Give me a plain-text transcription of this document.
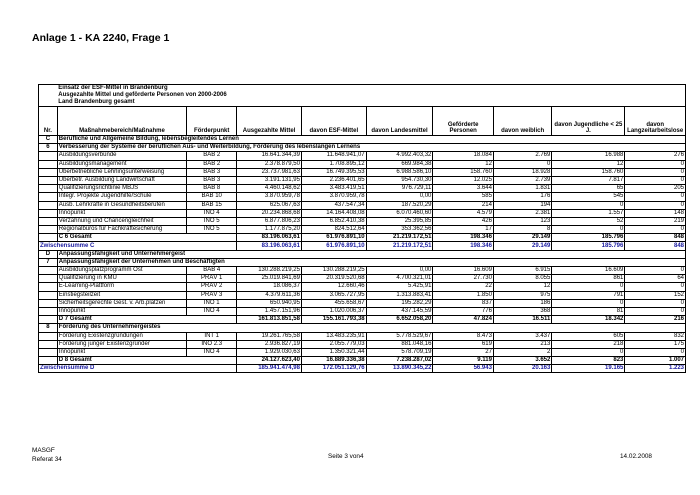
Anlage 1 - KA 2240, Frage 1

	Einsatz der ESF-Mittel in Brandenburg
Ausgezahlte Mittel und geförderte Personen von 2000-2006
Land Brandenburg gesamt								

Nr.	Maßnahmebereich/Maßnahme	Förderpunkt	Ausgezahlte Mittel	davon ESF-Mittel	davon Landesmittel	Geförderte Personen	davon weiblich	davon Jugendliche < 25 J.	davon Langzeitarbeitslose
C	Berufliche und Allgemeine Bildung, lebensbegleitendes Lernen								
6	Verbesserung der Systeme der beruflichen Aus- und Weiterbildung, Förderung des lebenslangen Lernens								
	Ausbildungsverbünde	BAB 2	16.641.344,39	11.648.941,07	4.992.403,32	18.084	2.769	16.988	276
	Ausbildungsmanagement	BAB 2	2.378.879,50	1.708.895,12	669.984,38	12	0	12	0
	Überbetriebliche Lehrlingsunterweisung	BAB 3	23.737.981,63	16.749.395,53	6.988.586,10	158.760	18.928	158.760	0
	Überbetr. Ausbildung Landwirtschaft	BAB 3	3.191.131,95	2.236.401,65	954.730,30	12.025	2.739	7.817	0
	Qualifizierungsrichtlinie MBJS	BAB 8	4.460.148,62	3.483.419,51	976.729,11	3.644	1.831	65	205
	Integr. Projekte Jugendhilfe/Schule	BAB 10	3.870.959,78	3.870.959,78	0,00	585	176	545	0
	Ausb. Lehrkräfte in Gesundheitsberufen	BAB 15	625.067,63	437.547,34	187.520,29	214	194	0	0
	Innopunkt	INO 4	20.234.868,68	14.164.408,08	6.070.460,60	4.579	2.381	1.557	148
	Verzahnung und Chancengleichheit	INO 5	6.877.806,23	6.852.410,38	25.395,85	426	123	52	219
	Regionalbüros für Fachkräftesicherung	INO 5	1.177.875,20	824.512,64	353.362,56	17	8	0	0
	C 6 Gesamt		83.196.063,61	61.976.891,10	21.219.172,51	198.346	29.149	185.796	848
Zwischensumme C			83.196.063,61	61.976.891,10	21.219.172,51	198.346	29.149	185.796	848
D	Anpassungsfähigkeit und Unternehmergeist								
7	Anpassungsfähigkeit der Unternehmen und Beschäftigten								
	Ausbildungsplatzprogramm Ost	BAB 4	130.288.219,25	130.288.219,25	0,00	16.609	6.915	16.609	0
	Qualifizierung in KMU	PRÄV 1	25.019.841,69	20.319.520,68	4.700.321,01	27.730	8.055	861	64
	E-Learning-Plattform	PRÄV 2	18.086,37	12.660,46	5.425,91	22	12	0	0
	Einstiegsteilzeit	PRÄV 3	4.379.611,36	3.065.727,95	1.313.883,41	1.850	975	791	152
	Sicherheitsgerechte Gest. v. Arb.plätzen	INO 1	650.940,95	455.658,67	195.282,29	837	186	0	0
	Innopunkt	INO 4	1.457.151,96	1.020.006,37	437.145,59	776	368	81	0
	D 7 Gesamt		161.813.851,58	155.161.793,38	6.652.058,20	47.824	16.511	18.342	216
8	Förderung des Unternehmergeistes								
	Förderung Existenzgründungen	INT 1	19.261.765,58	13.483.235,91	5.778.529,67	8.473	3.437	605	832
	Förderung junger Existenzgründer	INO 2.3	2.936.827,19	2.055.779,03	881.048,16	619	213	218	175
	Innopunkt	INO 4	1.929.030,63	1.350.321,44	578.709,19	27	2	0	0
	D 8 Gesamt		24.127.623,40	16.889.336,38	7.238.287,02	9.119	3.652	823	1.007
Zwischensumme D			185.941.474,98	172.051.129,76	13.890.345,22	56.943	20.163	19.165	1.223
MASGF
Referat 34	Seite 3 von4	14.02.2008
